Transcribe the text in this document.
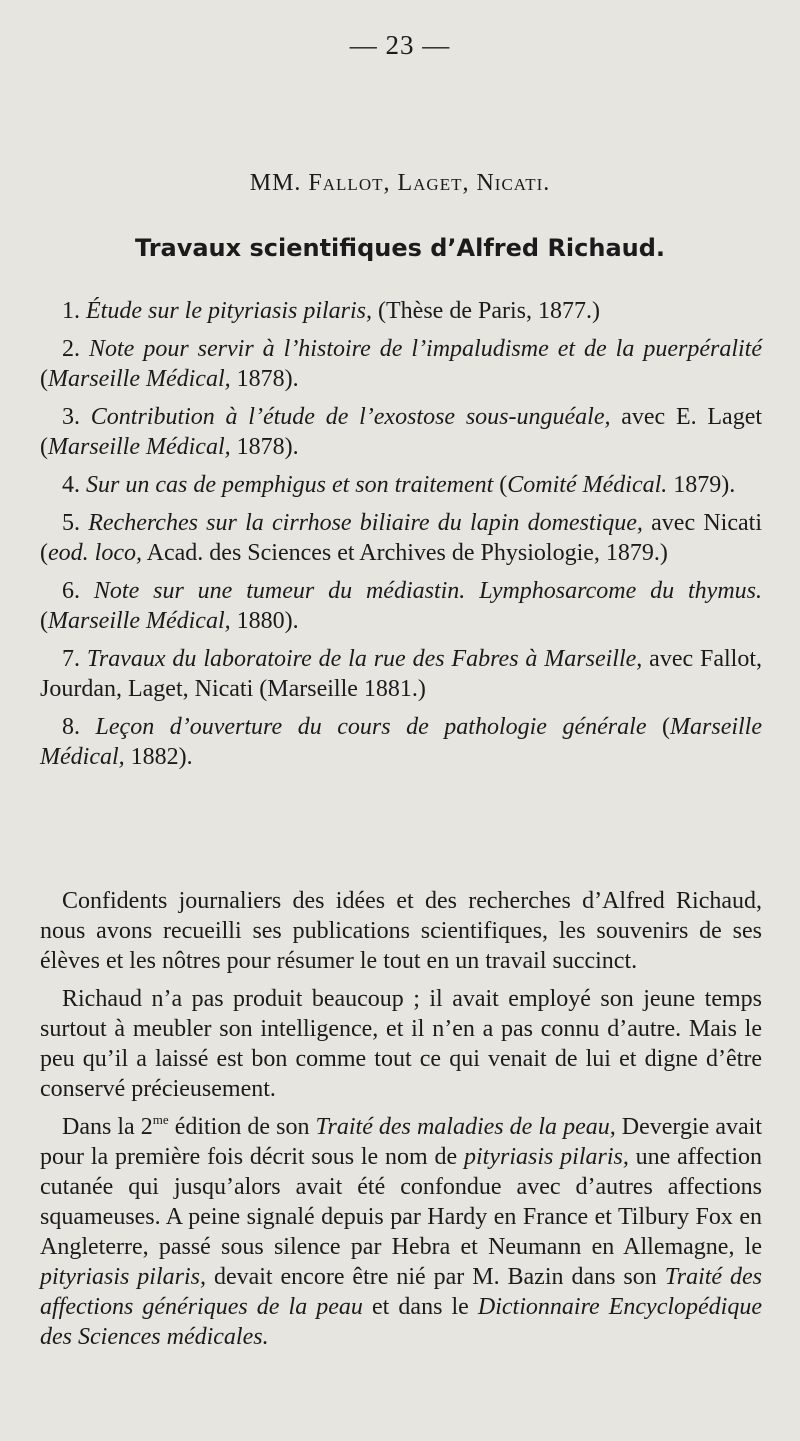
— 23 —
MM. Fallot, Laget, Nicati.
Travaux scientifiques d’Alfred Richaud.
1. Étude sur le pityriasis pilaris, (Thèse de Paris, 1877.)
2. Note pour servir à l’histoire de l’impaludisme et de la puerpéralité (Marseille Médical, 1878).
3. Contribution à l’étude de l’exostose sous-unguéale, avec E. Laget (Marseille Médical, 1878).
4. Sur un cas de pemphigus et son traitement (Comité Médical. 1879).
5. Recherches sur la cirrhose biliaire du lapin domestique, avec Nicati (eod. loco, Acad. des Sciences et Archives de Physiologie, 1879.)
6. Note sur une tumeur du médiastin. Lymphosarcome du thymus. (Marseille Médical, 1880).
7. Travaux du laboratoire de la rue des Fabres à Marseille, avec Fallot, Jourdan, Laget, Nicati (Marseille 1881.)
8. Leçon d’ouverture du cours de pathologie générale (Marseille Médical, 1882).

Confidents journaliers des idées et des recherches d’Alfred Richaud, nous avons recueilli ses publications scientifiques, les souvenirs de ses élèves et les nôtres pour résumer le tout en un travail succinct.

Richaud n’a pas produit beaucoup ; il avait employé son jeune temps surtout à meubler son intelligence, et il n’en a pas connu d’autre. Mais le peu qu’il a laissé est bon comme tout ce qui venait de lui et digne d’être conservé précieusement.

Dans la $2^{me}$ édition de son Traité des maladies de la peau, Devergie avait pour la première fois décrit sous le nom de pityriasis pilaris, une affection cutanée qui jusqu’alors avait été confondue avec d’autres affections squameuses. A peine signalé depuis par Hardy en France et Tilbury Fox en Angleterre, passé sous silence par Hebra et Neumann en Allemagne, le pityriasis pilaris, devait encore être nié par M. Bazin dans son Traité des affections génériques de la peau et dans le Dictionnaire Encyclopédique des Sciences médicales.
